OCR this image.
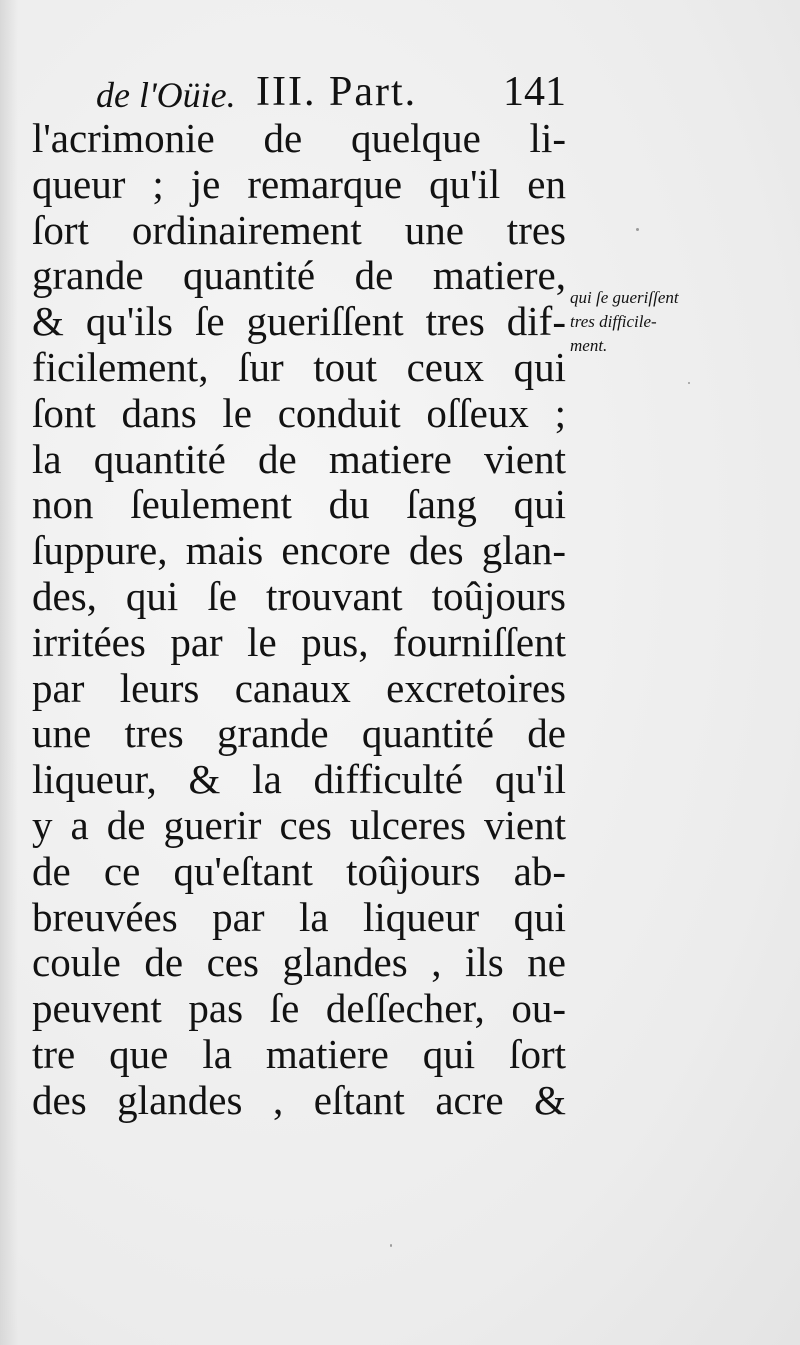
de l'Oüie. III. Part. 141
l'acrimonie de quelque li-
queur ; je remarque qu'il en
ſort ordinairement une tres
grande quantité de matiere,
& qu'ils ſe gueriſſent tres dif-
ficilement, ſur tout ceux qui
ſont dans le conduit oſſeux ;
la quantité de matiere vient
non ſeulement du ſang qui
ſuppure, mais encore des glan-
des, qui ſe trouvant toûjours
irritées par le pus, fourniſſent
par leurs canaux excretoires
une tres grande quantité de
liqueur, & la difficulté qu'il
y a de guerir ces ulceres vient
de ce qu'eſtant toûjours ab-
breuvées par la liqueur qui
coule de ces glandes , ils ne
peuvent pas ſe deſſecher, ou-
tre que la matiere qui ſort
des glandes , eſtant acre &
qui ſe gueriſſent
tres difficile-
ment.
